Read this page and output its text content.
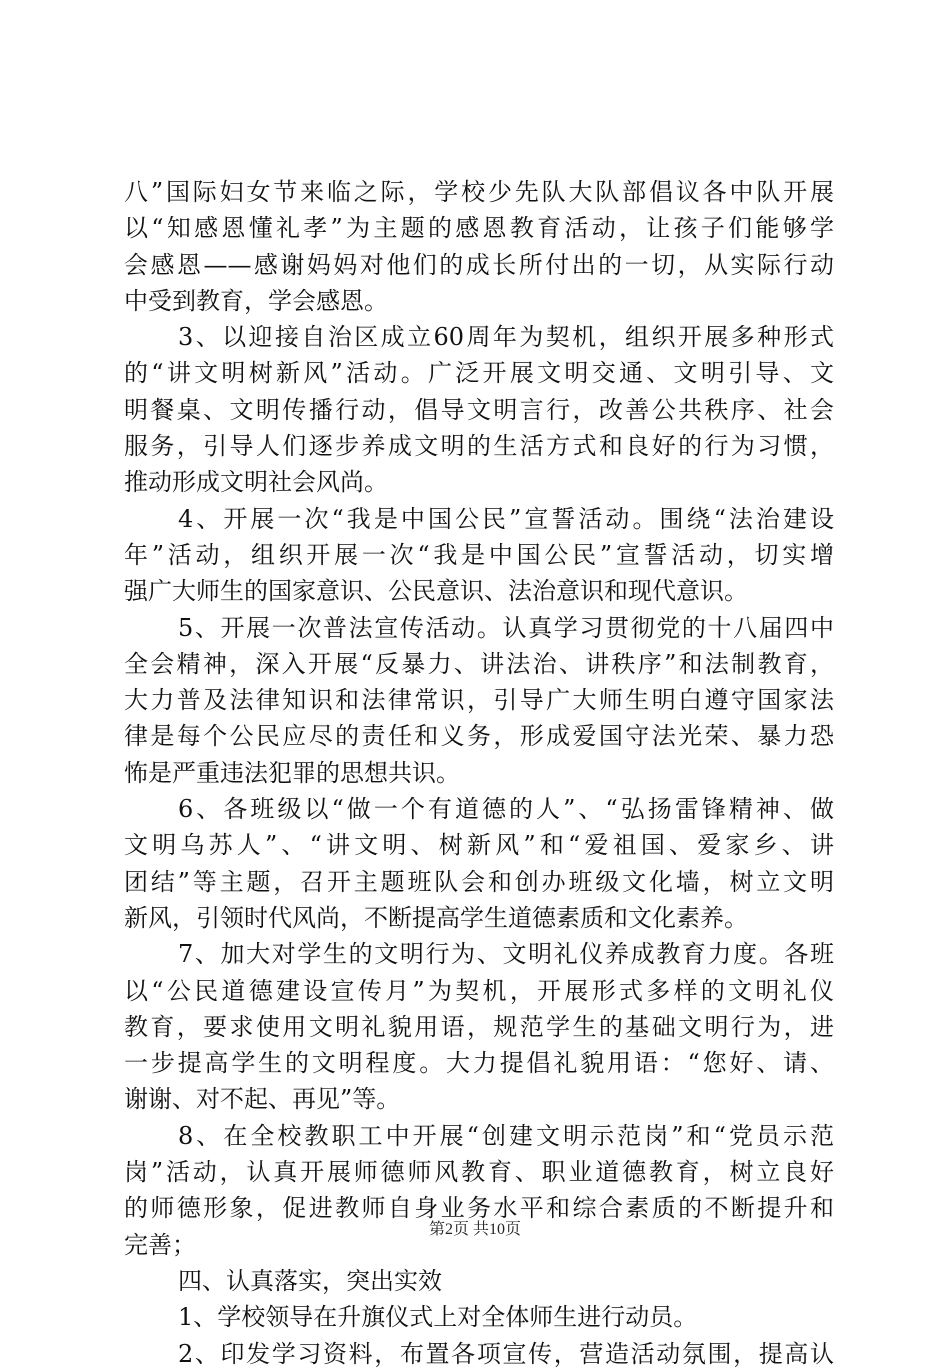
八”国际妇女节来临之际，学校少先队大队部倡议各中队开展
以“知感恩懂礼孝”为主题的感恩教育活动，让孩子们能够学
会感恩——感谢妈妈对他们的成长所付出的一切，从实际行动
中受到教育，学会感恩。
3、以迎接自治区成立60周年为契机，组织开展多种形式
的“讲文明树新风”活动。广泛开展文明交通、文明引导、文
明餐桌、文明传播行动，倡导文明言行，改善公共秩序、社会
服务，引导人们逐步养成文明的生活方式和良好的行为习惯，
推动形成文明社会风尚。
4、开展一次“我是中国公民”宣誓活动。围绕“法治建设
年”活动，组织开展一次“我是中国公民”宣誓活动，切实增
强广大师生的国家意识、公民意识、法治意识和现代意识。
5、开展一次普法宣传活动。认真学习贯彻党的十八届四中
全会精神，深入开展“反暴力、讲法治、讲秩序”和法制教育，
大力普及法律知识和法律常识，引导广大师生明白遵守国家法
律是每个公民应尽的责任和义务，形成爱国守法光荣、暴力恐
怖是严重违法犯罪的思想共识。
6、各班级以“做一个有道德的人”、“弘扬雷锋精神、做
文明乌苏人”、“讲文明、树新风”和“爱祖国、爱家乡、讲
团结”等主题，召开主题班队会和创办班级文化墙，树立文明
新风，引领时代风尚，不断提高学生道德素质和文化素养。
7、加大对学生的文明行为、文明礼仪养成教育力度。各班
以“公民道德建设宣传月”为契机，开展形式多样的文明礼仪
教育，要求使用文明礼貌用语，规范学生的基础文明行为，进
一步提高学生的文明程度。大力提倡礼貌用语：“您好、请、
谢谢、对不起、再见”等。
8、在全校教职工中开展“创建文明示范岗”和“党员示范
岗”活动，认真开展师德师风教育、职业道德教育，树立良好
的师德形象，促进教师自身业务水平和综合素质的不断提升和
完善；
四、认真落实，突出实效
1、学校领导在升旗仪式上对全体师生进行动员。
2、印发学习资料，布置各项宣传，营造活动氛围，提高认
第2页 共10页
